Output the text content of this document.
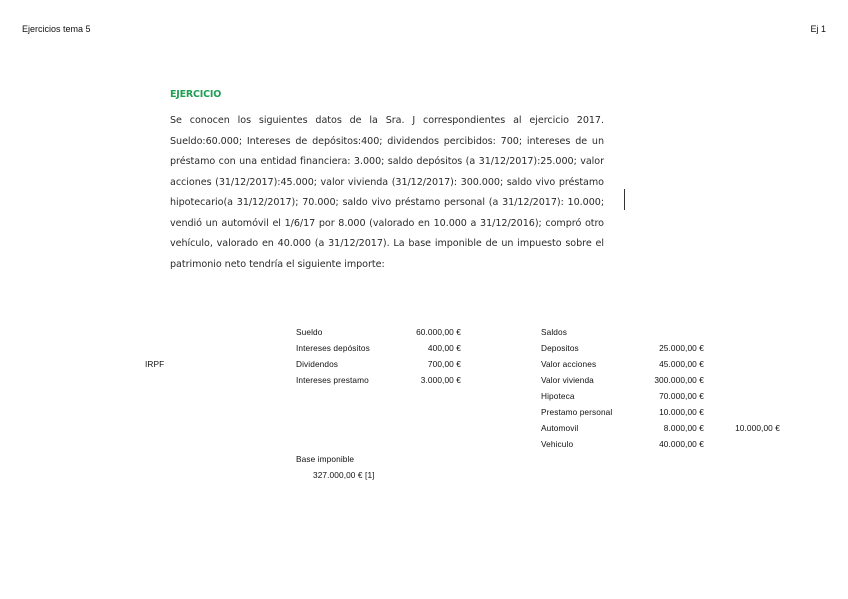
Ejercicios tema 5	Ej 1
EJERCICIO
Se conocen los siguientes datos de la Sra. J correspondientes al ejercicio 2017. Sueldo:60.000; Intereses de depósitos:400; dividendos percibidos: 700; intereses de un préstamo con una entidad financiera: 3.000; saldo depósitos (a 31/12/2017):25.000; valor acciones (31/12/2017):45.000; valor vivienda (31/12/2017): 300.000; saldo vivo préstamo hipotecario(a 31/12/2017); 70.000; saldo vivo préstamo personal (a 31/12/2017): 10.000; vendió un automóvil el 1/6/17 por 8.000 (valorado en 10.000 a 31/12/2016); compró otro vehículo, valorado en 40.000 (a 31/12/2017). La base imponible de un impuesto sobre el patrimonio neto tendría el siguiente importe:
IRPF
Sueldo	60.000,00 €
Intereses depósitos	400,00 €
Dividendos	700,00 €
Intereses prestamo	3.000,00 €
Saldos
Depositos	25.000,00 €
Valor acciones	45.000,00 €
Valor vivienda	300.000,00 €
Hipoteca	70.000,00 €
Prestamo personal	10.000,00 €
Automovil	8.000,00 €	10.000,00 €
Vehiculo	40.000,00 €
Base imponible
327.000,00 € [1]
